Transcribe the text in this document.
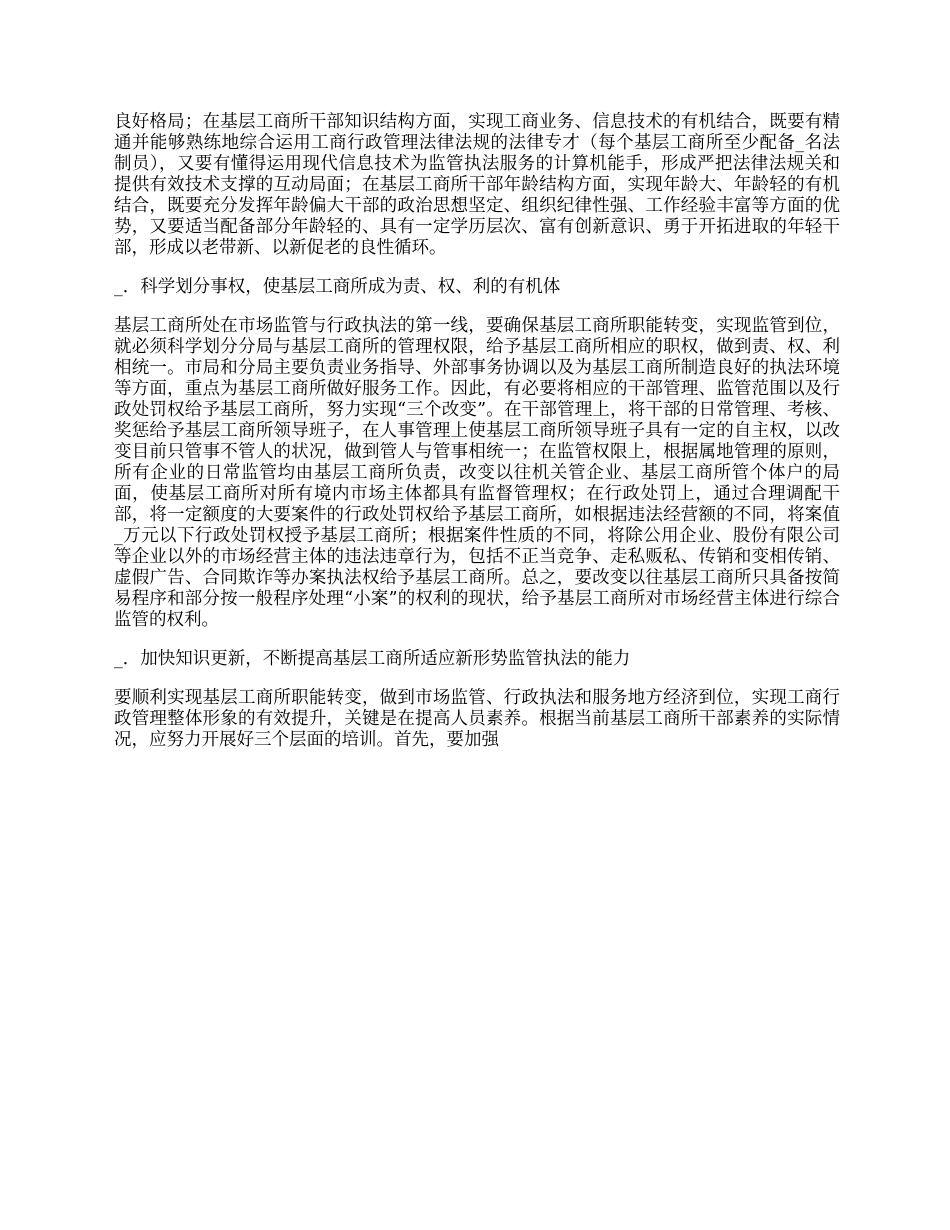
良好格局；在基层工商所干部知识结构方面，实现工商业务、信息技术的有机结合，既要有精通并能够熟练地综合运用工商行政管理法律法规的法律专才（每个基层工商所至少配备_名法制员），又要有懂得运用现代信息技术为监管执法服务的计算机能手，形成严把法律法规关和提供有效技术支撑的互动局面；在基层工商所干部年龄结构方面，实现年龄大、年龄轻的有机结合，既要充分发挥年龄偏大干部的政治思想坚定、组织纪律性强、工作经验丰富等方面的优势，又要适当配备部分年龄轻的、具有一定学历层次、富有创新意识、勇于开拓进取的年轻干部，形成以老带新、以新促老的良性循环。

_．科学划分事权，使基层工商所成为责、权、利的有机体

基层工商所处在市场监管与行政执法的第一线，要确保基层工商所职能转变，实现监管到位，就必须科学划分分局与基层工商所的管理权限，给予基层工商所相应的职权，做到责、权、利相统一。市局和分局主要负责业务指导、外部事务协调以及为基层工商所制造良好的执法环境等方面，重点为基层工商所做好服务工作。因此，有必要将相应的干部管理、监管范围以及行政处罚权给予基层工商所，努力实现“三个改变”。在干部管理上，将干部的日常管理、考核、奖惩给予基层工商所领导班子，在人事管理上使基层工商所领导班子具有一定的自主权，以改变目前只管事不管人的状况，做到管人与管事相统一；在监管权限上，根据属地管理的原则，所有企业的日常监管均由基层工商所负责，改变以往机关管企业、基层工商所管个体户的局面，使基层工商所对所有境内市场主体都具有监督管理权；在行政处罚上，通过合理调配干部，将一定额度的大要案件的行政处罚权给予基层工商所，如根据违法经营额的不同，将案值_万元以下行政处罚权授予基层工商所；根据案件性质的不同，将除公用企业、股份有限公司等企业以外的市场经营主体的违法违章行为，包括不正当竞争、走私贩私、传销和变相传销、虚假广告、合同欺诈等办案执法权给予基层工商所。总之，要改变以往基层工商所只具备按简易程序和部分按一般程序处理“小案”的权利的现状，给予基层工商所对市场经营主体进行综合监管的权利。

_．加快知识更新，不断提高基层工商所适应新形势监管执法的能力

要顺利实现基层工商所职能转变，做到市场监管、行政执法和服务地方经济到位，实现工商行政管理整体形象的有效提升，关键是在提高人员素养。根据当前基层工商所干部素养的实际情况，应努力开展好三个层面的培训。首先，要加强
